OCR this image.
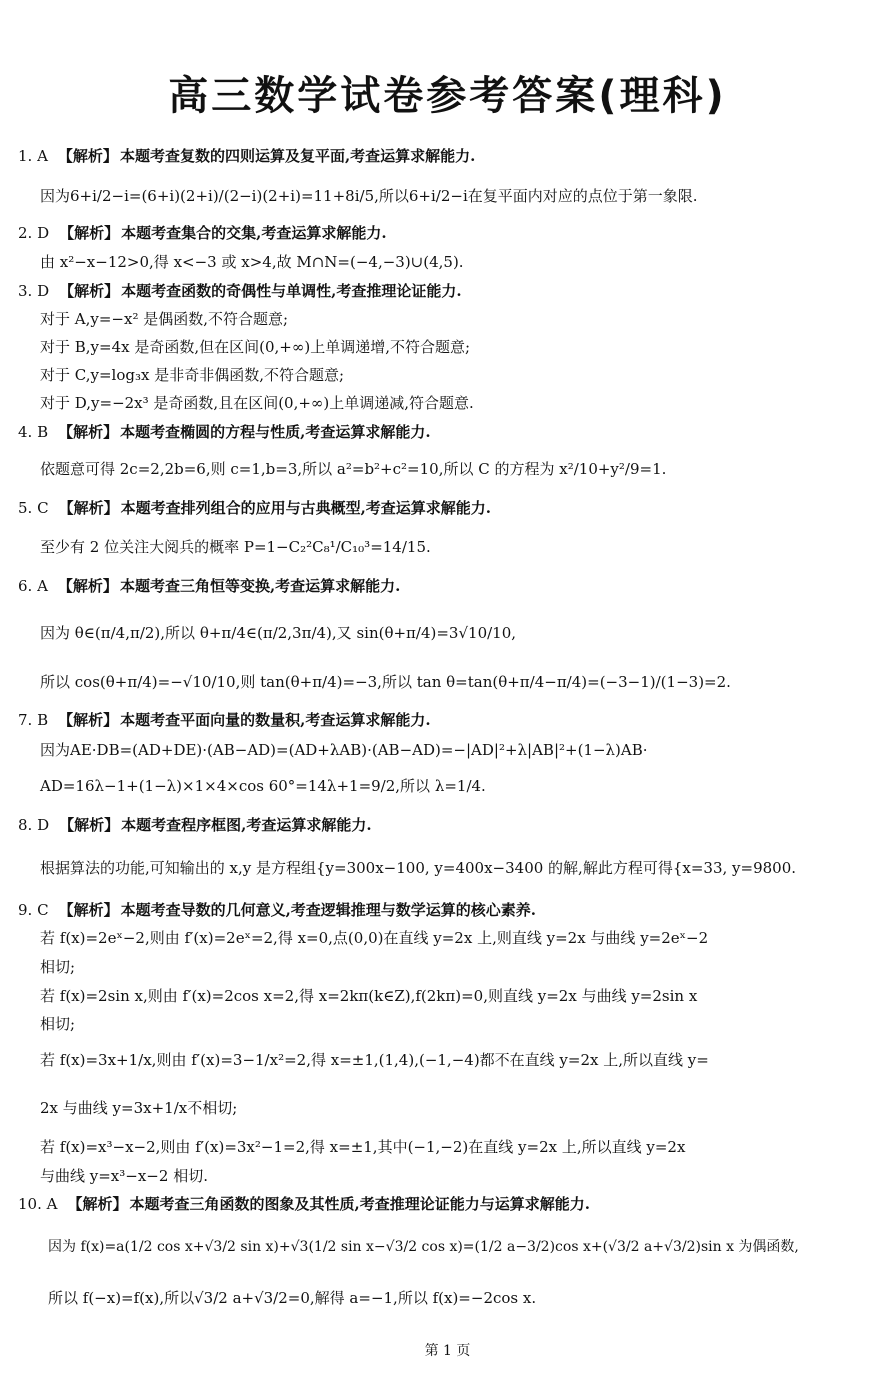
高三数学试卷参考答案(理科)
1. A 【解析】 本题考查复数的四则运算及复平面,考查运算求解能力.
因为6+i/2−i=(6+i)(2+i)/(2−i)(2+i)=11+8i/5,所以6+i/2−i在复平面内对应的点位于第一象限.
2. D 【解析】 本题考查集合的交集,考查运算求解能力.
由 x²−x−12>0,得 x<−3 或 x>4,故 M∩N=(−4,−3)∪(4,5).
3. D 【解析】 本题考查函数的奇偶性与单调性,考查推理论证能力.
对于 A,y=−x² 是偶函数,不符合题意;
对于 B,y=4x 是奇函数,但在区间(0,+∞)上单调递增,不符合题意;
对于 C,y=log₃x 是非奇非偶函数,不符合题意;
对于 D,y=−2x³ 是奇函数,且在区间(0,+∞)上单调递减,符合题意.
4. B 【解析】 本题考查椭圆的方程与性质,考查运算求解能力.
依题意可得 2c=2,2b=6,则 c=1,b=3,所以 a²=b²+c²=10,所以 C 的方程为 x²/10+y²/9=1.
5. C 【解析】 本题考查排列组合的应用与古典概型,考查运算求解能力.
至少有 2 位关注大阅兵的概率 P=1−C₂²C₈¹/C₁₀³=14/15.
6. A 【解析】 本题考查三角恒等变换,考查运算求解能力.
因为 θ∈(π/4,π/2),所以 θ+π/4∈(π/2,3π/4),又 sin(θ+π/4)=3√10/10,
所以 cos(θ+π/4)=−√10/10,则 tan(θ+π/4)=−3,所以 tan θ=tan(θ+π/4−π/4)=(−3−1)/(1−3)=2.
7. B 【解析】 本题考查平面向量的数量积,考查运算求解能力.
因为AE·DB=(AD+DE)·(AB−AD)=(AD+λAB)·(AB−AD)=−|AD|²+λ|AB|²+(1−λ)AB·
AD=16λ−1+(1−λ)×1×4×cos 60°=14λ+1=9/2,所以 λ=1/4.
8. D 【解析】 本题考查程序框图,考查运算求解能力.
根据算法的功能,可知输出的 x,y 是方程组{y=300x−100, y=400x−3400 的解,解此方程可得{x=33, y=9800.
9. C 【解析】 本题考查导数的几何意义,考查逻辑推理与数学运算的核心素养.
若 f(x)=2eˣ−2,则由 f′(x)=2eˣ=2,得 x=0,点(0,0)在直线 y=2x 上,则直线 y=2x 与曲线 y=2eˣ−2
相切;
若 f(x)=2sin x,则由 f′(x)=2cos x=2,得 x=2kπ(k∈Z),f(2kπ)=0,则直线 y=2x 与曲线 y=2sin x
相切;
若 f(x)=3x+1/x,则由 f′(x)=3−1/x²=2,得 x=±1,(1,4),(−1,−4)都不在直线 y=2x 上,所以直线 y=
2x 与曲线 y=3x+1/x不相切;
若 f(x)=x³−x−2,则由 f′(x)=3x²−1=2,得 x=±1,其中(−1,−2)在直线 y=2x 上,所以直线 y=2x
与曲线 y=x³−x−2 相切.
10. A 【解析】 本题考查三角函数的图象及其性质,考查推理论证能力与运算求解能力.
因为 f(x)=a(1/2 cos x+√3/2 sin x)+√3(1/2 sin x−√3/2 cos x)=(1/2 a−3/2)cos x+(√3/2 a+√3/2)sin x 为偶函数,
所以 f(−x)=f(x),所以√3/2 a+√3/2=0,解得 a=−1,所以 f(x)=−2cos x.
第 1 页
